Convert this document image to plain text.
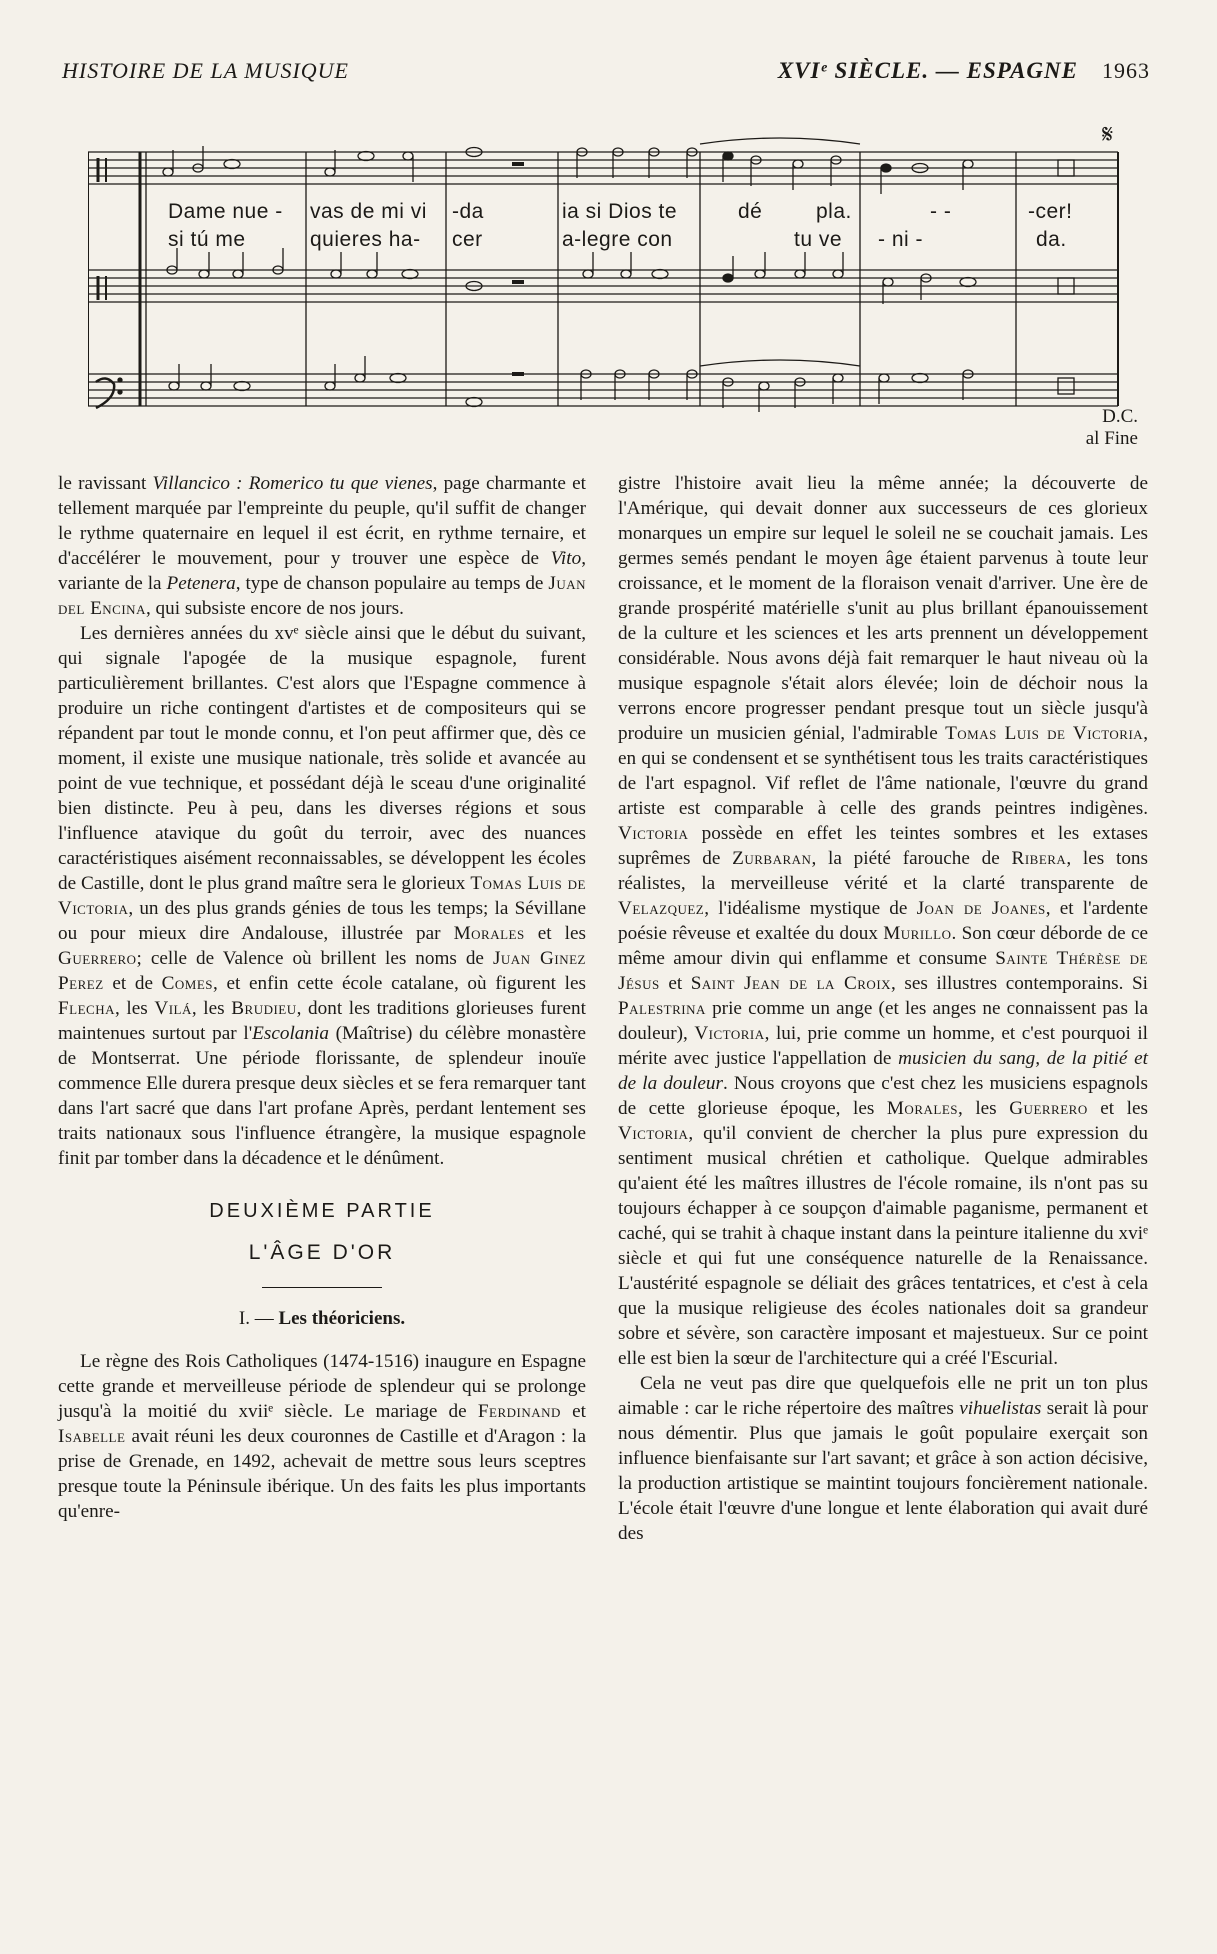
HISTOIRE DE LA MUSIQUE	XVIᵉ SIÈCLE. — ESPAGNE 1963
𝄋
Dame nue - vas de mi vi -da	ia si Dios te	dé	pla.	- -	-cer!
si tú me	quieres ha- cer	a-legre con	tu ve - ni -	da.
D.C.
al Fine

le ravissant Villancico : Romerico tu que vienes, page charmante et tellement marquée par l'empreinte du peuple, qu'il suffit de changer le rythme quaternaire en lequel il est écrit, en rythme ternaire, et d'accélérer le mouvement, pour y trouver une espèce de Vito, variante de la Petenera, type de chanson populaire au temps de Juan del Encina, qui subsiste encore de nos jours.

Les dernières années du xvᵉ siècle ainsi que le début du suivant, qui signale l'apogée de la musique espagnole, furent particulièrement brillantes. C'est alors que l'Espagne commence à produire un riche contingent d'artistes et de compositeurs qui se répandent par tout le monde connu, et l'on peut affirmer que, dès ce moment, il existe une musique nationale, très solide et avancée au point de vue technique, et possédant déjà le sceau d'une originalité bien distincte. Peu à peu, dans les diverses régions et sous l'influence atavique du goût du terroir, avec des nuances caractéristiques aisément reconnaissables, se développent les écoles de Castille, dont le plus grand maître sera le glorieux Tomas Luis de Victoria, un des plus grands génies de tous les temps; la Sévillane ou pour mieux dire Andalouse, illustrée par Morales et les Guerrero; celle de Valence où brillent les noms de Juan Ginez Perez et de Comes, et enfin cette école catalane, où figurent les Flecha, les Vilá, les Brudieu, dont les traditions glorieuses furent maintenues surtout par l'Escolania (Maîtrise) du célèbre monastère de Montserrat. Une période florissante, de splendeur inouïe commence Elle durera presque deux siècles et se fera remarquer tant dans l'art sacré que dans l'art profane Après, perdant lentement ses traits nationaux sous l'influence étrangère, la musique espagnole finit par tomber dans la décadence et le dénûment.

DEUXIÈME PARTIE
L'ÂGE D'OR
I. — Les théoriciens.

Le règne des Rois Catholiques (1474-1516) inaugure en Espagne cette grande et merveilleuse période de splendeur qui se prolonge jusqu'à la moitié du xviiᵉ siècle. Le mariage de Ferdinand et Isabelle avait réuni les deux couronnes de Castille et d'Aragon : la prise de Grenade, en 1492, achevait de mettre sous leurs sceptres presque toute la Péninsule ibérique. Un des faits les plus importants qu'enre-

gistre l'histoire avait lieu la même année; la découverte de l'Amérique, qui devait donner aux successeurs de ces glorieux monarques un empire sur lequel le soleil ne se couchait jamais. Les germes semés pendant le moyen âge étaient parvenus à toute leur croissance, et le moment de la floraison venait d'arriver. Une ère de grande prospérité matérielle s'unit au plus brillant épanouissement de la culture et les sciences et les arts prennent un développement considérable. Nous avons déjà fait remarquer le haut niveau où la musique espagnole s'était alors élevée; loin de déchoir nous la verrons encore progresser pendant presque tout un siècle jusqu'à produire un musicien génial, l'admirable Tomas Luis de Victoria, en qui se condensent et se synthétisent tous les traits caractéristiques de l'art espagnol. Vif reflet de l'âme nationale, l'œuvre du grand artiste est comparable à celle des grands peintres indigènes. Victoria possède en effet les teintes sombres et les extases suprêmes de Zurbaran, la piété farouche de Ribera, les tons réalistes, la merveilleuse vérité et la clarté transparente de Velazquez, l'idéalisme mystique de Joan de Joanes, et l'ardente poésie rêveuse et exaltée du doux Murillo. Son cœur déborde de ce même amour divin qui enflamme et consume Sainte Thérèse de Jésus et Saint Jean de la Croix, ses illustres contemporains. Si Palestrina prie comme un ange (et les anges ne connaissent pas la douleur), Victoria, lui, prie comme un homme, et c'est pourquoi il mérite avec justice l'appellation de musicien du sang, de la pitié et de la douleur. Nous croyons que c'est chez les musiciens espagnols de cette glorieuse époque, les Morales, les Guerrero et les Victoria, qu'il convient de chercher la plus pure expression du sentiment musical chrétien et catholique. Quelque admirables qu'aient été les maîtres illustres de l'école romaine, ils n'ont pas su toujours échapper à ce soupçon d'aimable paganisme, permanent et caché, qui se trahit à chaque instant dans la peinture italienne du xviᵉ siècle et qui fut une conséquence naturelle de la Renaissance. L'austérité espagnole se déliait des grâces tentatrices, et c'est à cela que la musique religieuse des écoles nationales doit sa grandeur sobre et sévère, son caractère imposant et majestueux. Sur ce point elle est bien la sœur de l'architecture qui a créé l'Escurial.

Cela ne veut pas dire que quelquefois elle ne prit un ton plus aimable : car le riche répertoire des maîtres vihuelistas serait là pour nous démentir. Plus que jamais le goût populaire exerçait son influence bienfaisante sur l'art savant; et grâce à son action décisive, la production artistique se maintint toujours foncièrement nationale. L'école était l'œuvre d'une longue et lente élaboration qui avait duré des
